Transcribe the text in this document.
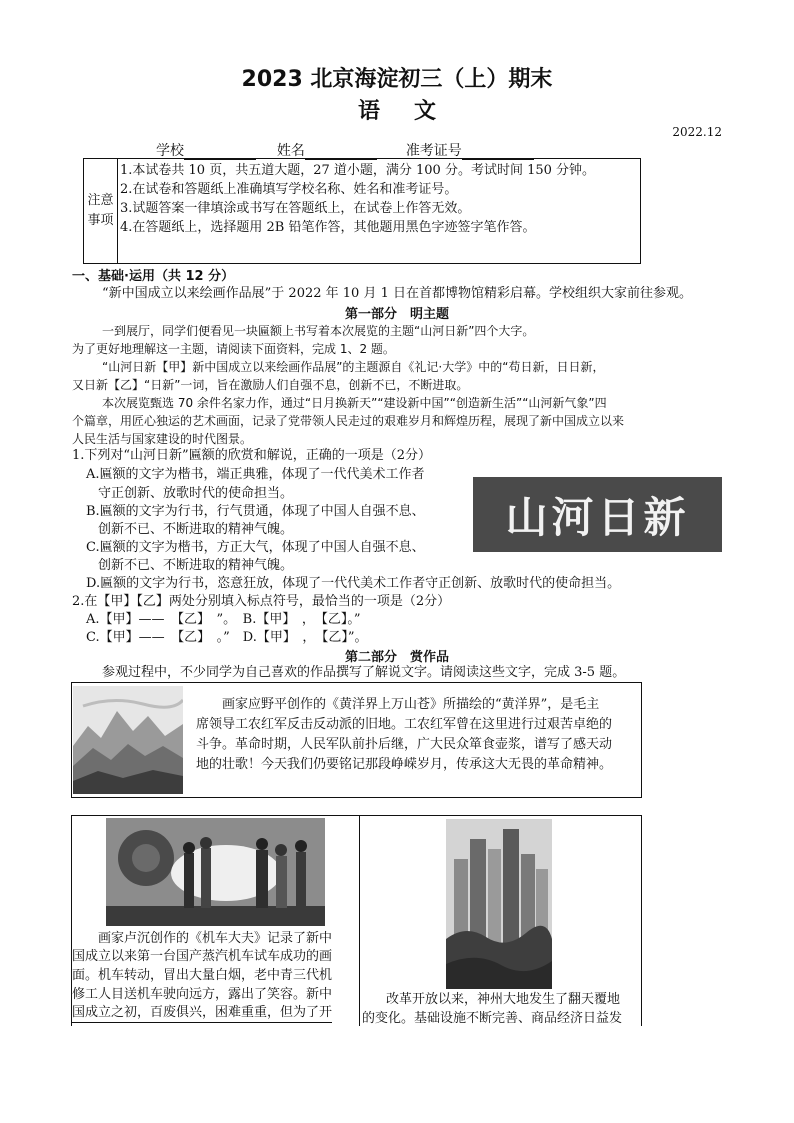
2023 北京海淀初三（上）期末
语文
2022.12
学校	姓名	准考证号
注意
事项
1.本试卷共 10 页，共五道大题，27 道小题，满分 100 分。考试时间 150 分钟。
2.在试卷和答题纸上准确填写学校名称、姓名和准考证号。
3.试题答案一律填涂或书写在答题纸上，在试卷上作答无效。
4.在答题纸上，选择题用 2B 铅笔作答，其他题用黑色字迹签字笔作答。
一、基础·运用（共 12 分）
“新中国成立以来绘画作品展”于 2022 年 10 月 1 日在首都博物馆精彩启幕。学校组织大家前往参观。
第一部分　明主题
一到展厅，同学们便看见一块匾额上书写着本次展览的主题“山河日新”四个大字。
为了更好地理解这一主题，请阅读下面资料，完成 1、2 题。
“山河日新【甲】新中国成立以来绘画作品展”的主题源自《礼记·大学》中的“苟日新，日日新，
又日新【乙】“日新”一词，旨在激励人们自强不息，创新不已，不断进取。
本次展览甄选 70 余件名家力作，通过“日月换新天”“建设新中国”“创造新生活”“山河新气象”四
个篇章，用匠心独运的艺术画面，记录了党带领人民走过的艰难岁月和辉煌历程，展现了新中国成立以来
人民生活与国家建设的时代图景。
1.下列对“山河日新”匾额的欣赏和解说，正确的一项是（2分）
A.匾额的文字为楷书，端正典雅，体现了一代代美术工作者
守正创新、放歌时代的使命担当。
B.匾额的文字为行书，行气贯通，体现了中国人自强不息、
创新不已、不断进取的精神气魄。
C.匾额的文字为楷书，方正大气，体现了中国人自强不息、
创新不已、不断进取的精神气魄。
D.匾额的文字为行书，恣意狂放，体现了一代代美术工作者守正创新、放歌时代的使命担当。
山河日新
2.在【甲】【乙】两处分别填入标点符号，最恰当的一项是（2分）
A.【甲】——　【乙】　”。　B.【甲】　，　【乙】。”
C.【甲】——　【乙】　。”　D.【甲】　，　【乙】”。
第二部分　赏作品
参观过程中，不少同学为自己喜欢的作品撰写了解说文字。请阅读这些文字，完成 3-5 题。
画家应野平创作的《黄洋界上万山苍》所描绘的“黄洋界”，是毛主
席领导工农红军反击反动派的旧地。工农红军曾在这里进行过艰苦卓绝的
斗争。革命时期，人民军队前扑后继，广大民众箪食壶浆，谱写了感天动
地的壮歌！今天我们仍要铭记那段峥嵘岁月，传承这大无畏的革命精神。
画家卢沉创作的《机车大夫》记录了新中
国成立以来第一台国产蒸汽机车试车成功的画
面。机车转动，冒出大量白烟，老中青三代机
修工人目送机车驶向远方，露出了笑容。新中
国成立之初，百废俱兴，困难重重，但为了开
改革开放以来，神州大地发生了翻天覆地
的变化。基础设施不断完善、商品经济日益发
